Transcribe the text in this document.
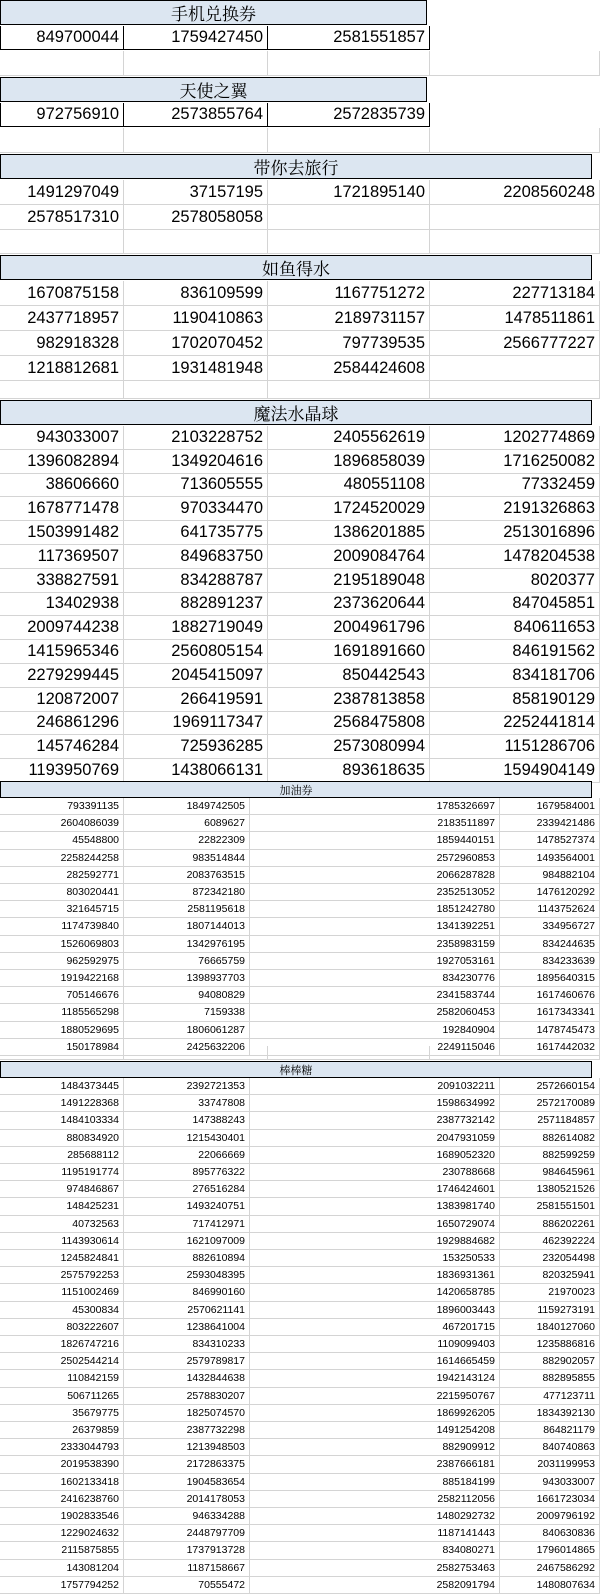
手机兑换券
849700044	1759427450	2581551857
天使之翼
972756910	2573855764	2572835739
带你去旅行
1491297049	37157195	1721895140	2208560248
2578517310	2578058058
如鱼得水
1670875158	836109599	1167751272	227713184
2437718957	1190410863	2189731157	1478511861
982918328	1702070452	797739535	2566777227
1218812681	1931481948	2584424608
魔法水晶球
943033007	2103228752	2405562619	1202774869
1396082894	1349204616	1896858039	1716250082
38606660	713605555	480551108	77332459
1678771478	970334470	1724520029	2191326863
1503991482	641735775	1386201885	2513016896
117369507	849683750	2009084764	1478204538
338827591	834288787	2195189048	8020377
13402938	882891237	2373620644	847045851
2009744238	1882719049	2004961796	840611653
1415965346	2560805154	1691891660	846191562
2279299445	2045415097	850442543	834181706
120872007	266419591	2387813858	858190129
246861296	1969117347	2568475808	2252441814
145746284	725936285	2573080994	1151286706
1193950769	1438066131	893618635	1594904149
加油券
793391135	1849742505	1785326697	1679584001
2604086039	6089627	2183511897	2339421486
45548800	22822309	1859440151	1478527374
2258244258	983514844	2572960853	1493564001
282592771	2083763515	2066287828	984882104
803020441	872342180	2352513052	1476120292
321645715	2581195618	1851242780	1143752624
1174739840	1807144013	1341392251	334956727
1526069803	1342976195	2358983159	834244635
962592975	76665759	1927053161	834233639
1919422168	1398937703	834230776	1895640315
705146676	94080829	2341583744	1617460676
1185565298	7159338	2582060453	1617343341
1880529695	1806061287	192840904	1478745473
150178984	2425632206	2249115046	1617442032
棒棒糖
1484373445	2392721353	2091032211	2572660154
1491228368	33747808	1598634992	2572170089
1484103334	147388243	2387732142	2571184857
880834920	1215430401	2047931059	882614082
285688112	22066669	1689052320	882599259
1195191774	895776322	230788668	984645961
974846867	276516284	1746424601	1380521526
148425231	1493240751	1383981740	2581551501
40732563	717412971	1650729074	886202261
1143930614	1621097009	1929884682	462392224
1245824841	882610894	153250533	232054498
2575792253	2593048395	1836931361	820325941
1151002469	846990160	1420658785	21970023
45300834	2570621141	1896003443	1159273191
803222607	1238641004	467201715	1840127060
1826747216	834310233	1109099403	1235886816
2502544214	2579789817	1614665459	882902057
110842159	1432844638	1942143124	882895855
506711265	2578830207	2215950767	477123711
35679775	1825074570	1869926205	1834392130
26379859	2387732298	1491254208	864821179
2333044793	1213948503	882909912	840740863
2019538390	2172863375	2387666181	2031199953
1602133418	1904583654	885184199	943033007
2416238760	2014178053	2582112056	1661723034
1902833546	946334288	1480292732	2009796192
1229024632	2448797709	1187141443	840630836
2115875855	1737913728	834080271	1796014865
143081204	1187158667	2582753463	2467586292
1757794252	70555472	2582091794	1480807634
